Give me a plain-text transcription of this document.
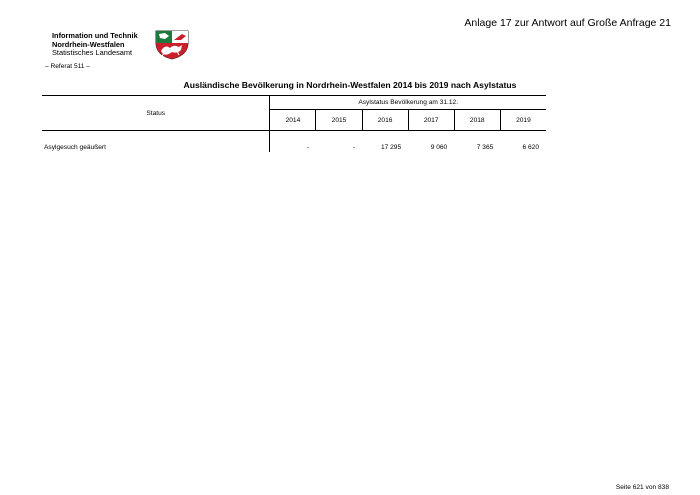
Anlage 17 zur Antwort auf Große Anfrage 21
Information und Technik
Nordrhein-Westfalen
Statistisches Landesamt
– Referat 511 –
Ausländische Bevölkerung in Nordrhein-Westfalen 2014 bis 2019 nach Asylstatus
Status	Asylstatus Bevölkerung am 31.12.					
	2014	2015	2016	2017	2018	2019

Asylgesuch geäußert	-	-	17 295	9 060	7 365	6 620
Seite 621 von 838
